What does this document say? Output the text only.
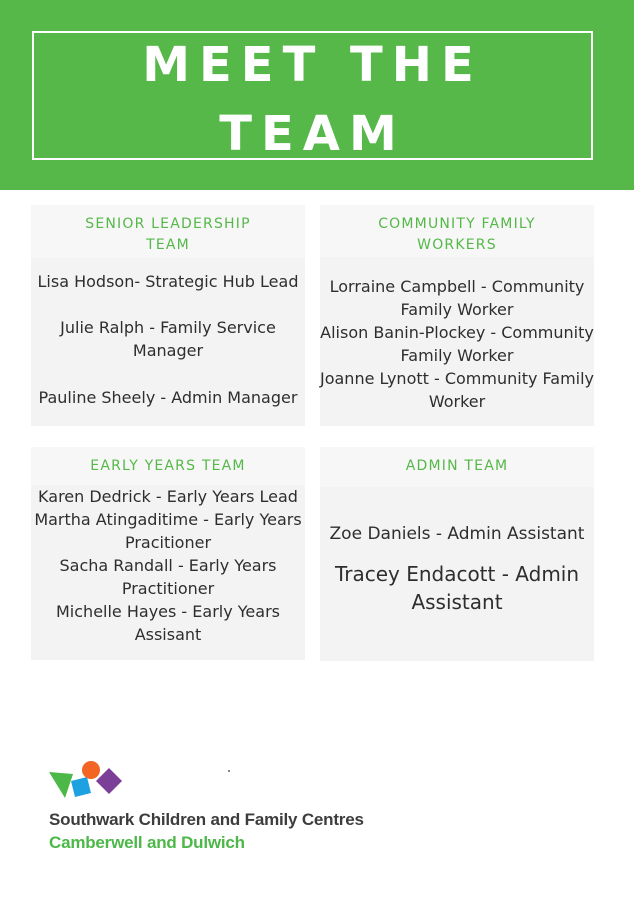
MEET THE
TEAM
SENIOR LEADERSHIP
TEAM
Lisa Hodson- Strategic Hub Lead
Julie Ralph - Family Service Manager
Pauline Sheely - Admin Manager
COMMUNITY FAMILY
WORKERS
Lorraine Campbell - Community
Family Worker
Alison Banin-Plockey - Community
Family Worker
Joanne Lynott - Community Family
Worker
EARLY YEARS TEAM
Karen Dedrick - Early Years Lead
Martha Atingaditime - Early Years
Pracitioner
Sacha Randall - Early Years
Practitioner
Michelle Hayes - Early Years
Assisant
ADMIN TEAM
Zoe Daniels - Admin Assistant
Tracey Endacott - Admin
Assistant
Southwark Children and Family Centres
Camberwell and Dulwich
